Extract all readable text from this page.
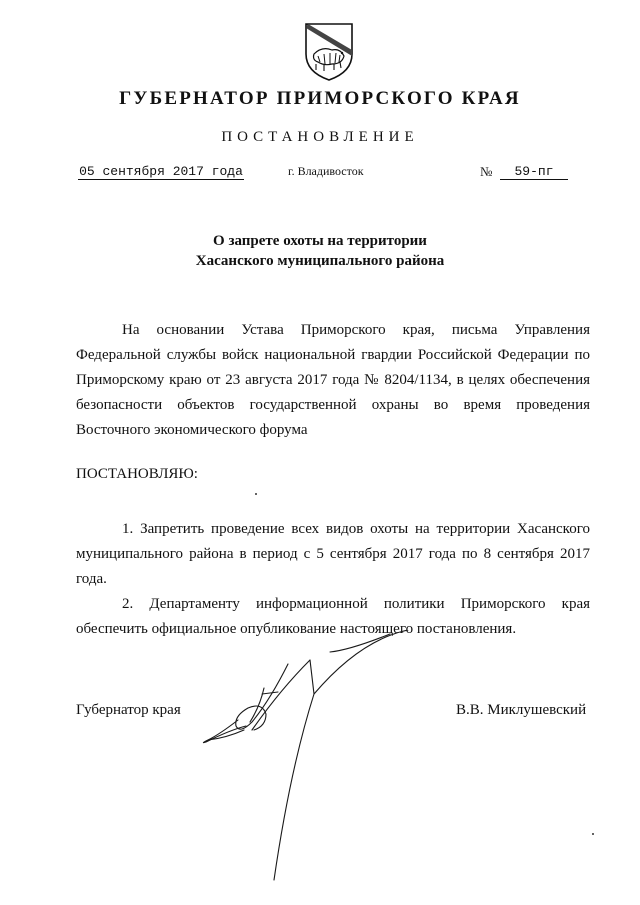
ГУБЕРНАТОР ПРИМОРСКОГО КРАЯ
ПОСТАНОВЛЕНИЕ
05 сентября 2017 года	г. Владивосток	№	59-пг
О запрете охоты на территории
Хасанского муниципального района
На основании Устава Приморского края, письма Управления Федеральной службы войск национальной гвардии Российской Федерации по Приморскому краю от 23 августа 2017 года № 8204/1134, в целях обеспечения безопасности объектов государственной охраны во время проведения Восточного экономического форума
ПОСТАНОВЛЯЮ:
1. Запретить проведение всех видов охоты на территории Хасанского муниципального района в период с 5 сентября 2017 года по 8 сентября 2017 года.
2. Департаменту информационной политики Приморского края обеспечить официальное опубликование настоящего постановления.
Губернатор края	В.В. Миклушевский
